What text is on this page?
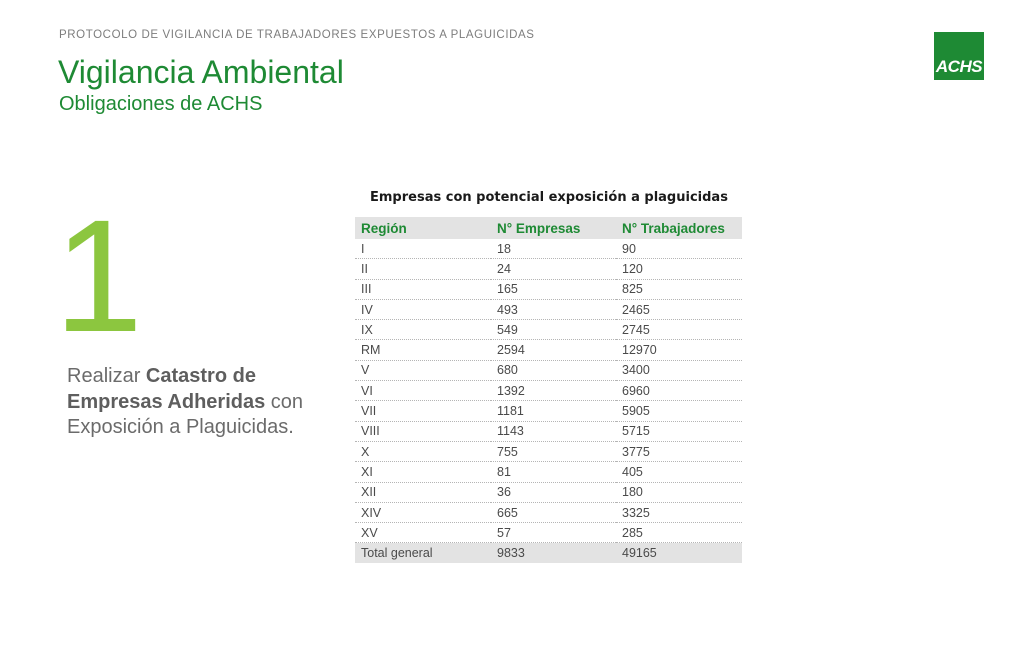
PROTOCOLO DE VIGILANCIA DE TRABAJADORES EXPUESTOS A PLAGUICIDAS
Vigilancia Ambiental
Obligaciones de ACHS
ACHS
1
Realizar Catastro de Empresas Adheridas con Exposición a Plaguicidas.
Empresas con potencial exposición a plaguicidas
Región	N° Empresas	N° Trabajadores
I	18	90
II	24	120
III	165	825
IV	493	2465
IX	549	2745
RM	2594	12970
V	680	3400
VI	1392	6960
VII	1181	5905
VIII	1143	5715
X	755	3775
XI	81	405
XII	36	180
XIV	665	3325
XV	57	285
Total general	9833	49165
